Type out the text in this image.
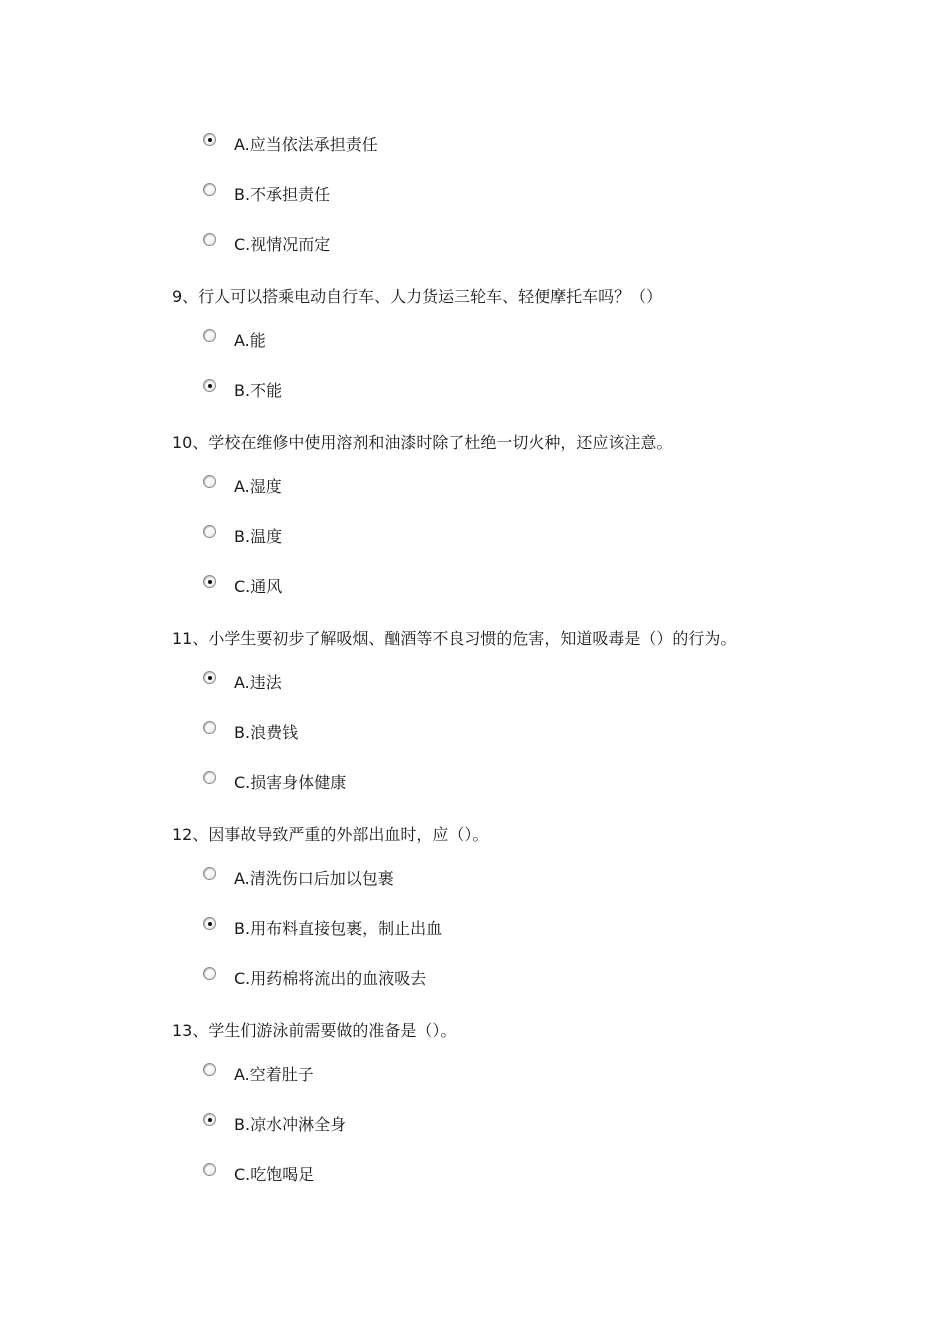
A.应当依法承担责任
B.不承担责任
C.视情况而定
9、行人可以搭乘电动自行车、人力货运三轮车、轻便摩托车吗？（）
A.能
B.不能
10、学校在维修中使用溶剂和油漆时除了杜绝一切火种，还应该注意。
A.湿度
B.温度
C.通风
11、小学生要初步了解吸烟、酗酒等不良习惯的危害，知道吸毒是（）的行为。
A.违法
B.浪费钱
C.损害身体健康
12、因事故导致严重的外部出血时，应（）。
A.清洗伤口后加以包裹
B.用布料直接包裹，制止出血
C.用药棉将流出的血液吸去
13、学生们游泳前需要做的准备是（）。
A.空着肚子
B.凉水冲淋全身
C.吃饱喝足
